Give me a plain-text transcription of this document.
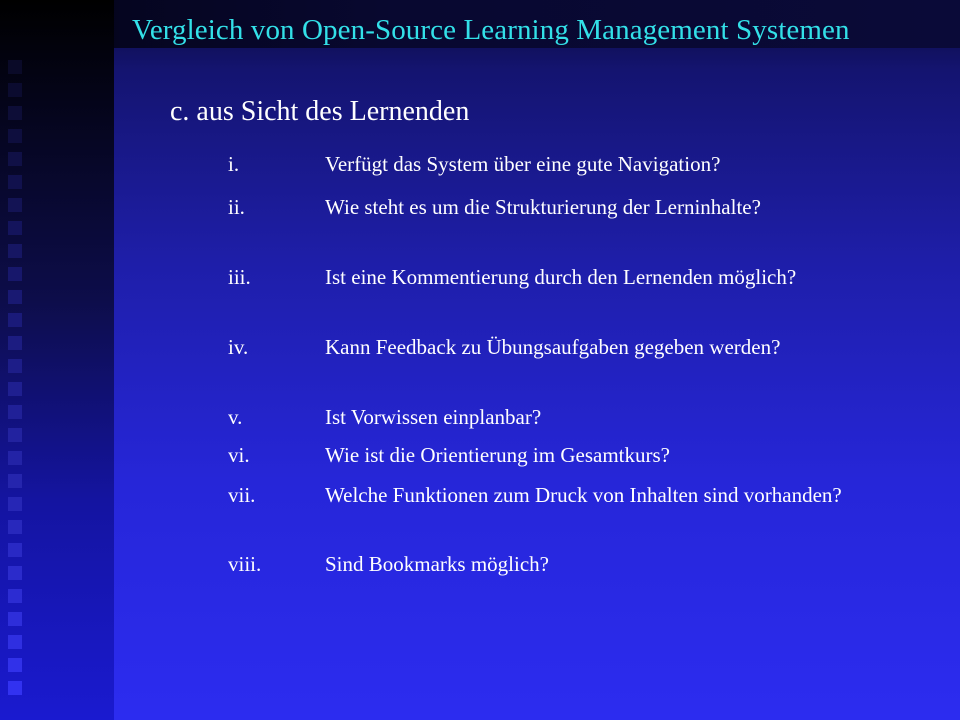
Vergleich von Open-Source Learning Management Systemen
c. aus Sicht des Lernenden
i.	Verfügt das System über eine gute Navigation?
ii.	Wie steht es um die Strukturierung der Lerninhalte?
iii.	Ist eine Kommentierung durch den Lernenden möglich?
iv.	Kann Feedback zu Übungsaufgaben gegeben werden?
v.	Ist Vorwissen einplanbar?
vi.	Wie ist die Orientierung im Gesamtkurs?
vii.	Welche Funktionen zum Druck von Inhalten sind vorhanden?
viii.	Sind Bookmarks möglich?
